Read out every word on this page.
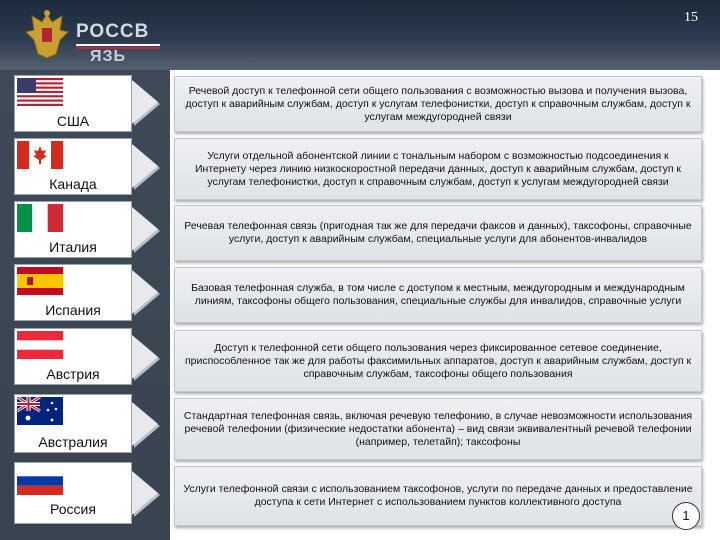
РОССВ
ЯЗЬ
15
США
Речевой доступ к телефонной сети общего пользования с возможностью вызова и получения вызова, доступ к аварийным службам, доступ к услугам телефонистки, доступ к справочным службам, доступ к услугам междугородней связи
Канада
Услуги отдельной абонентской линии с тональным набором с возможностью подсоединения к Интернету через линию низкоскоростной передачи данных, доступ к аварийным службам, доступ к услугам телефонистки, доступ к справочным службам, доступ к услугам междугородней связи
Италия
Речевая телефонная связь (пригодная так же для передачи факсов и данных), таксофоны, справочные услуги, доступ к аварийным службам, специальные услуги для абонентов-инвалидов
Испания
Базовая телефонная служба, в том числе с доступом к местным, междугородным и международным линиям, таксофоны общего пользования, специальные службы для инвалидов, справочные услуги
Австрия
Доступ к телефонной сети общего пользования через фиксированное сетевое соединение, приспособленное так же для работы факсимильных аппаратов, доступ к аварийным службам, доступ к справочным службам, таксофоны общего пользования
Австралия
Стандартная телефонная связь, включая речевую телефонию, в случае невозможности использования речевой телефонии (физические недостатки абонента) – вид связи эквивалентный речевой телефонии (например, телетайп); таксофоны
Россия
Услуги телефонной связи с использованием таксофонов, услуги по передаче данных и предоставление доступа к сети Интернет с использованием пунктов коллективного доступа
1
